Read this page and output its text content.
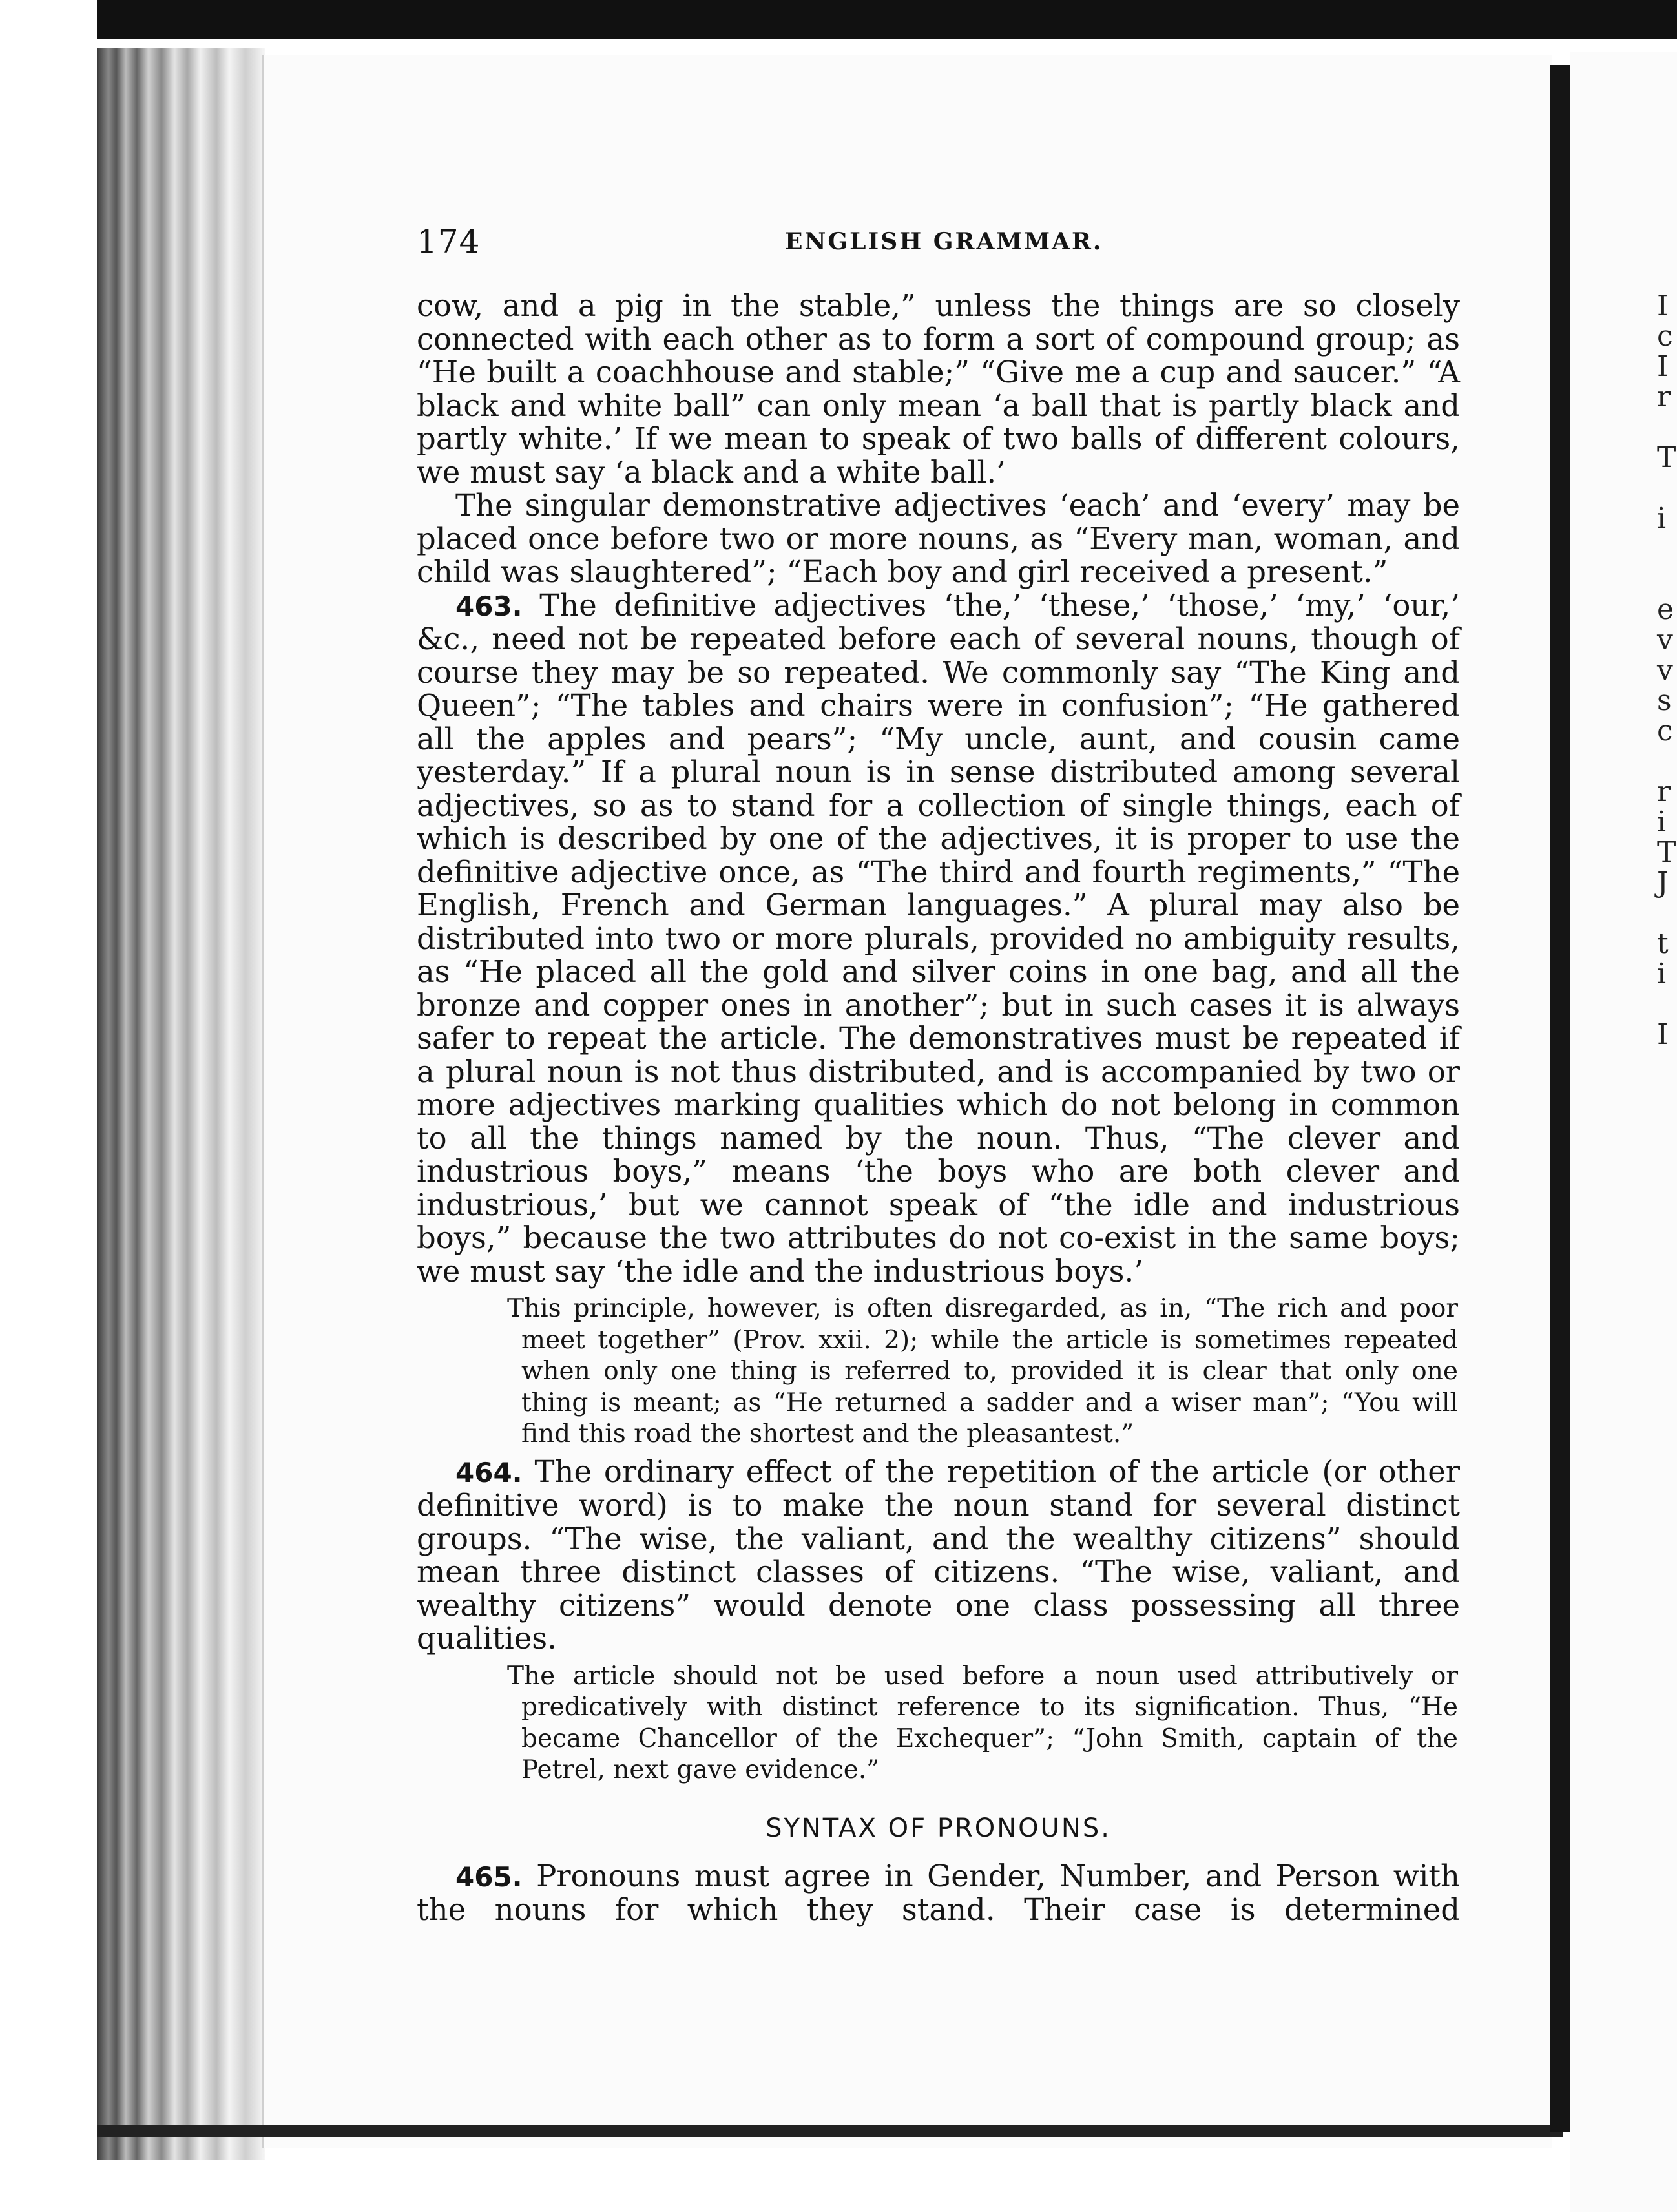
I
c
I
r
T
i
e
v
v
s
c
r
i
T
J
t
i
I
174	ENGLISH GRAMMAR.

cow, and a pig in the stable,” unless the things are so closely connected with each other as to form a sort of compound group; as “He built a coachhouse and stable;” “Give me a cup and saucer.” “A black and white ball” can only mean ‘a ball that is partly black and partly white.’ If we mean to speak of two balls of different colours, we must say ‘a black and a white ball.’

The singular demonstrative adjectives ‘each’ and ‘every’ may be placed once before two or more nouns, as “Every man, woman, and child was slaughtered”; “Each boy and girl received a present.”

463. The definitive adjectives ‘the,’ ‘these,’ ‘those,’ ‘my,’ ‘our,’ &c., need not be repeated before each of several nouns, though of course they may be so repeated. We commonly say “The King and Queen”; “The tables and chairs were in confusion”; “He gathered all the apples and pears”; “My uncle, aunt, and cousin came yesterday.” If a plural noun is in sense distributed among several adjectives, so as to stand for a collection of single things, each of which is described by one of the adjectives, it is proper to use the definitive adjective once, as “The third and fourth regiments,” “The English, French and German languages.” A plural may also be distributed into two or more plurals, provided no ambiguity results, as “He placed all the gold and silver coins in one bag, and all the bronze and copper ones in another”; but in such cases it is always safer to repeat the article. The demonstratives must be repeated if a plural noun is not thus distributed, and is accompanied by two or more adjectives marking qualities which do not belong in common to all the things named by the noun. Thus, “The clever and industrious boys,” means ‘the boys who are both clever and industrious,’ but we cannot speak of “the idle and industrious boys,” because the two attributes do not co-exist in the same boys; we must say ‘the idle and the industrious boys.’

This principle, however, is often disregarded, as in, “The rich and poor meet together” (Prov. xxii. 2); while the article is sometimes repeated when only one thing is referred to, provided it is clear that only one thing is meant; as “He returned a sadder and a wiser man”; “You will find this road the shortest and the pleasantest.”

464. The ordinary effect of the repetition of the article (or other definitive word) is to make the noun stand for several distinct groups. “The wise, the valiant, and the wealthy citizens” should mean three distinct classes of citizens. “The wise, valiant, and wealthy citizens” would denote one class possessing all three qualities.

The article should not be used before a noun used attributively or predicatively with distinct reference to its signification. Thus, “He became Chancellor of the Exchequer”; “John Smith, captain of the Petrel, next gave evidence.”

SYNTAX OF PRONOUNS.

465. Pronouns must agree in Gender, Number, and Person with the nouns for which they stand. Their case is determined
